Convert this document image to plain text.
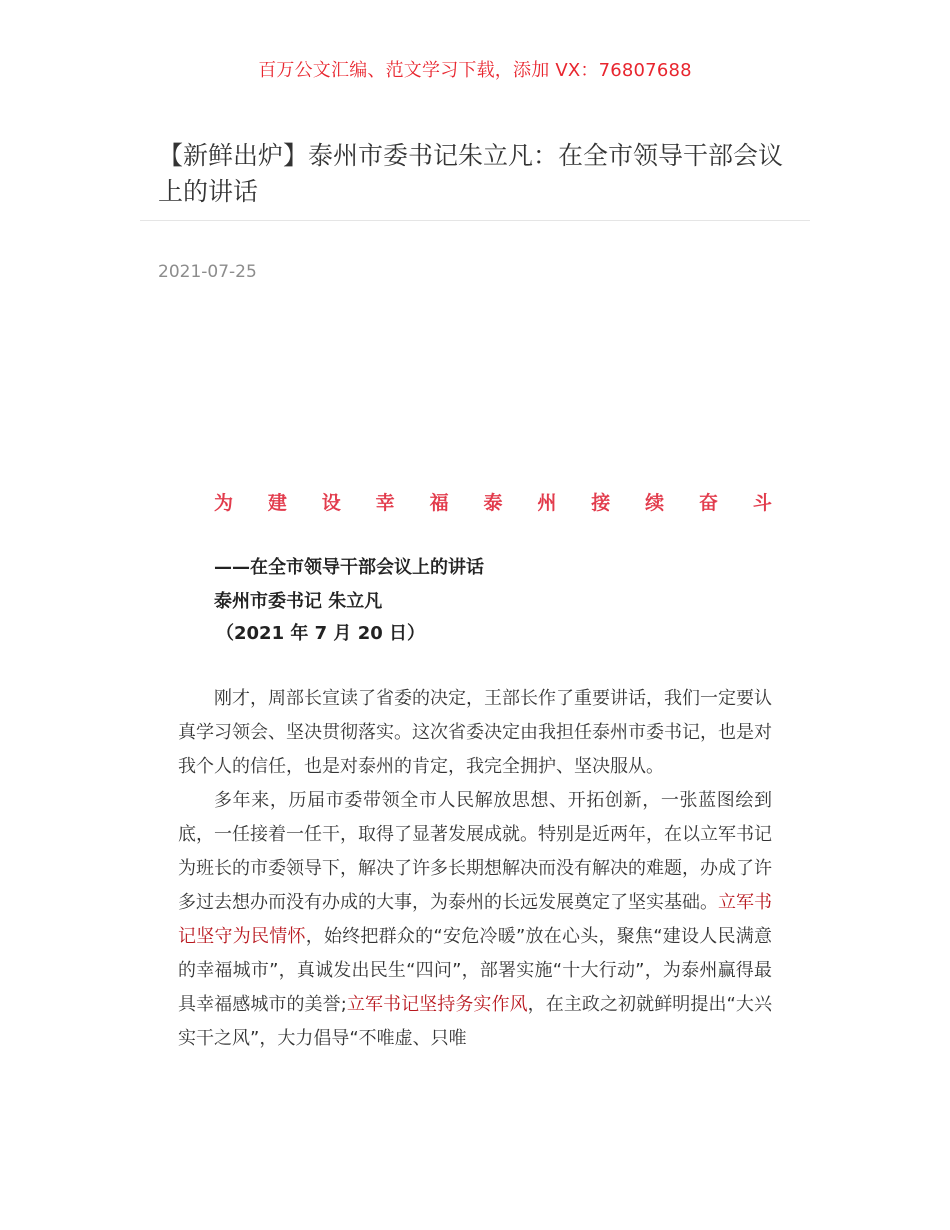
百万公文汇编、范文学习下载，添加 VX：76807688
【新鲜出炉】泰州市委书记朱立凡：在全市领导干部会议上的讲话
2021-07-25
为 建 设 幸 福 泰 州 接 续 奋 斗
——在全市领导干部会议上的讲话
泰州市委书记 朱立凡
（2021 年 7 月 20 日）

刚才，周部长宣读了省委的决定，王部长作了重要讲话，我们一定要认真学习领会、坚决贯彻落实。这次省委决定由我担任泰州市委书记，也是对我个人的信任，也是对泰州的肯定，我完全拥护、坚决服从。

多年来，历届市委带领全市人民解放思想、开拓创新，一张蓝图绘到底，一任接着一任干，取得了显著发展成就。特别是近两年，在以立军书记为班长的市委领导下，解决了许多长期想解决而没有解决的难题，办成了许多过去想办而没有办成的大事，为泰州的长远发展奠定了坚实基础。立军书记坚守为民情怀，始终把群众的“安危冷暖”放在心头，聚焦“建设人民满意的幸福城市”，真诚发出民生“四问”，部署实施“十大行动”，为泰州赢得最具幸福感城市的美誉;立军书记坚持务实作风，在主政之初就鲜明提出“大兴实干之风”，大力倡导“不唯虚、只唯
